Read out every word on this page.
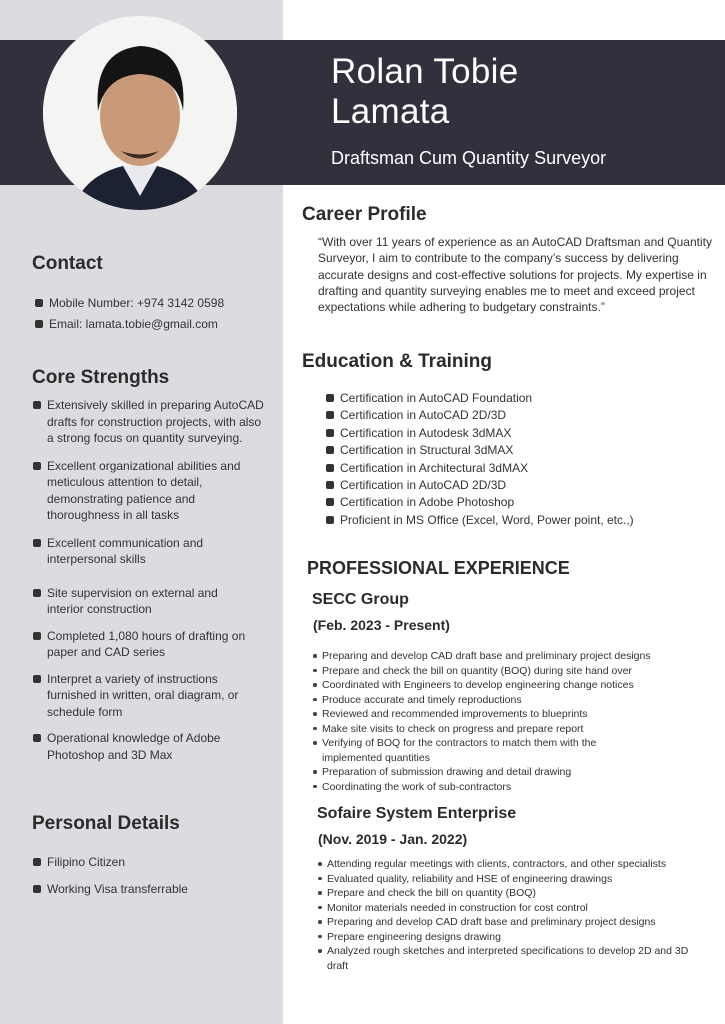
Rolan Tobie
Lamata
Draftsman Cum Quantity Surveyor
Contact
Mobile Number: +974 3142 0598
Email: lamata.tobie@gmail.com
Core Strengths
Extensively skilled in preparing AutoCAD drafts for construction projects, with also a strong focus on quantity surveying.
Excellent organizational abilities and meticulous attention to detail, demonstrating patience and thoroughness in all tasks
Excellent communication and interpersonal skills
Site supervision on external and interior construction
Completed 1,080 hours of drafting on paper and CAD series
Interpret a variety of instructions furnished in written, oral diagram, or schedule form
Operational knowledge of Adobe Photoshop and 3D Max
Personal Details
Filipino Citizen
Working Visa transferrable
Career Profile

“With over 11 years of experience as an AutoCAD Draftsman and Quantity Surveyor, I aim to contribute to the company’s success by delivering accurate designs and cost-effective solutions for projects. My expertise in drafting and quantity surveying enables me to meet and exceed project expectations while adhering to budgetary constraints.”

Education & Training
Certification in AutoCAD Foundation
Certification in AutoCAD 2D/3D
Certification in Autodesk 3dMAX
Certification in Structural 3dMAX
Certification in Architectural 3dMAX
Certification in AutoCAD 2D/3D
Certification in Adobe Photoshop
Proficient in MS Office (Excel, Word, Power point, etc.,)
PROFESSIONAL EXPERIENCE
SECC Group
(Feb. 2023 - Present)
Preparing and develop CAD draft base and preliminary project designs
Prepare and check the bill on quantity (BOQ) during site hand over
Coordinated with Engineers to develop engineering change notices
Produce accurate and timely reproductions
Reviewed and recommended improvements to blueprints
Make site visits to check on progress and prepare report
Verifying of BOQ for the contractors to match them with the implemented quantities
Preparation of submission drawing and detail drawing
Coordinating the work of sub-contractors
Sofaire System Enterprise
(Nov. 2019 - Jan. 2022)
Attending regular meetings with clients, contractors, and other specialists
Evaluated quality, reliability and HSE of engineering drawings
Prepare and check the bill on quantity (BOQ)
Monitor materials needed in construction for cost control
Preparing and develop CAD draft base and preliminary project designs
Prepare engineering designs drawing
Analyzed rough sketches and interpreted specifications to develop 2D and 3D draft
